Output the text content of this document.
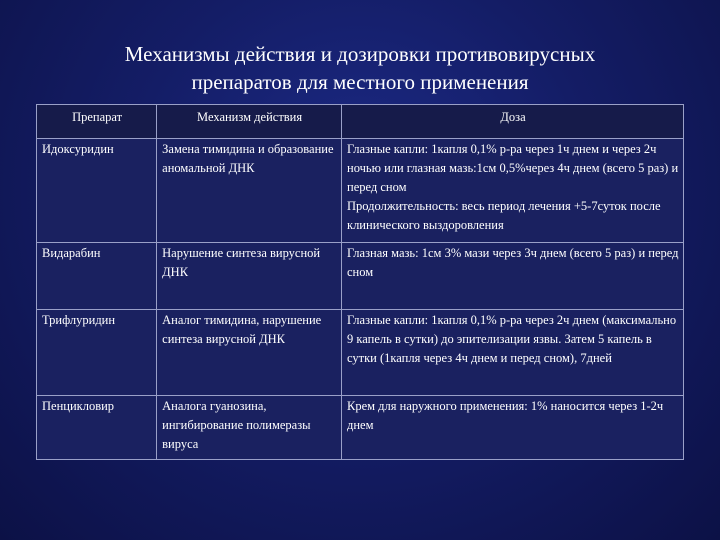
Механизмы действия и дозировки противовирусных
препаратов для местного применения
Препарат	Механизм действия	Доза
Идоксуридин	Замена тимидина и образование аномальной ДНК	Глазные капли: 1капля 0,1% р-ра через 1ч днем и через 2ч ночью или глазная мазь:1см 0,5%через 4ч днем (всего 5 раз) и перед сном
Продолжительность: весь период лечения +5-7суток после клинического выздоровления

Видарабин	Нарушение синтеза вирусной ДНК	Глазная мазь: 1см 3% мази через 3ч днем (всего 5 раз) и перед сном
Трифлуридин	Аналог тимидина, нарушение синтеза вирусной ДНК	Глазные капли: 1капля 0,1% р-ра через 2ч днем (максимально 9 капель в сутки) до эпителизации язвы. Затем 5 капель в сутки (1капля через 4ч днем и перед сном), 7дней
Пенцикловир	Аналога гуанозина, ингибирование полимеразы вируса	Крем для наружного применения: 1% наносится через 1-2ч днем
